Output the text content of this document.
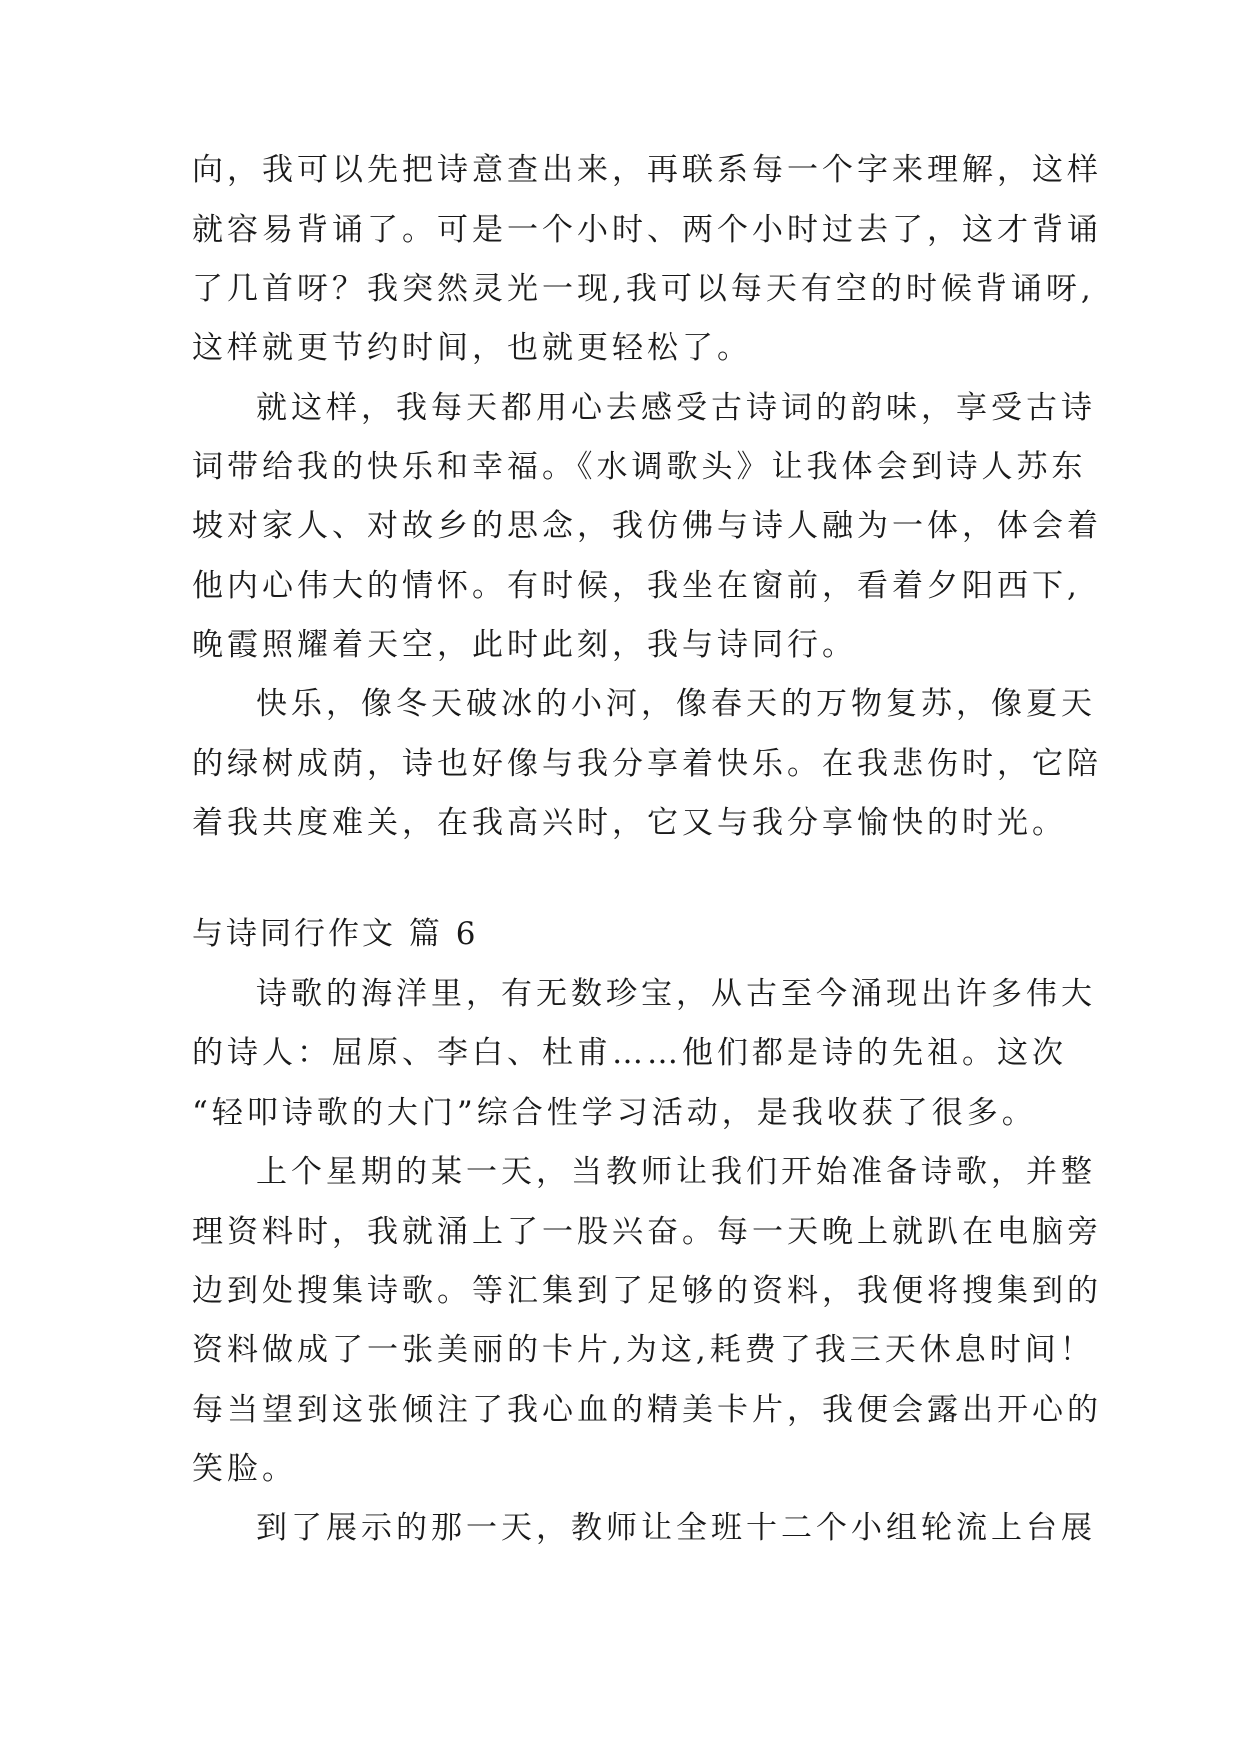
向，我可以先把诗意查出来，再联系每一个字来理解，这样
就容易背诵了。可是一个小时、两个小时过去了，这才背诵
了几首呀？我突然灵光一现,我可以每天有空的时候背诵呀,
这样就更节约时间，也就更轻松了。
就这样，我每天都用心去感受古诗词的韵味，享受古诗
词带给我的快乐和幸福。《水调歌头》让我体会到诗人苏东
坡对家人、对故乡的思念，我仿佛与诗人融为一体，体会着
他内心伟大的情怀。有时候，我坐在窗前，看着夕阳西下,
晚霞照耀着天空，此时此刻，我与诗同行。
快乐，像冬天破冰的小河，像春天的万物复苏，像夏天
的绿树成荫，诗也好像与我分享着快乐。在我悲伤时，它陪
着我共度难关，在我高兴时，它又与我分享愉快的时光。
与诗同行作文 篇 6
诗歌的海洋里，有无数珍宝，从古至今涌现出许多伟大
的诗人：屈原、李白、杜甫……他们都是诗的先祖。这次
“轻叩诗歌的大门”综合性学习活动，是我收获了很多。
上个星期的某一天，当教师让我们开始准备诗歌，并整
理资料时，我就涌上了一股兴奋。每一天晚上就趴在电脑旁
边到处搜集诗歌。等汇集到了足够的资料，我便将搜集到的
资料做成了一张美丽的卡片,为这,耗费了我三天休息时间！
每当望到这张倾注了我心血的精美卡片，我便会露出开心的
笑脸。
到了展示的那一天，教师让全班十二个小组轮流上台展
